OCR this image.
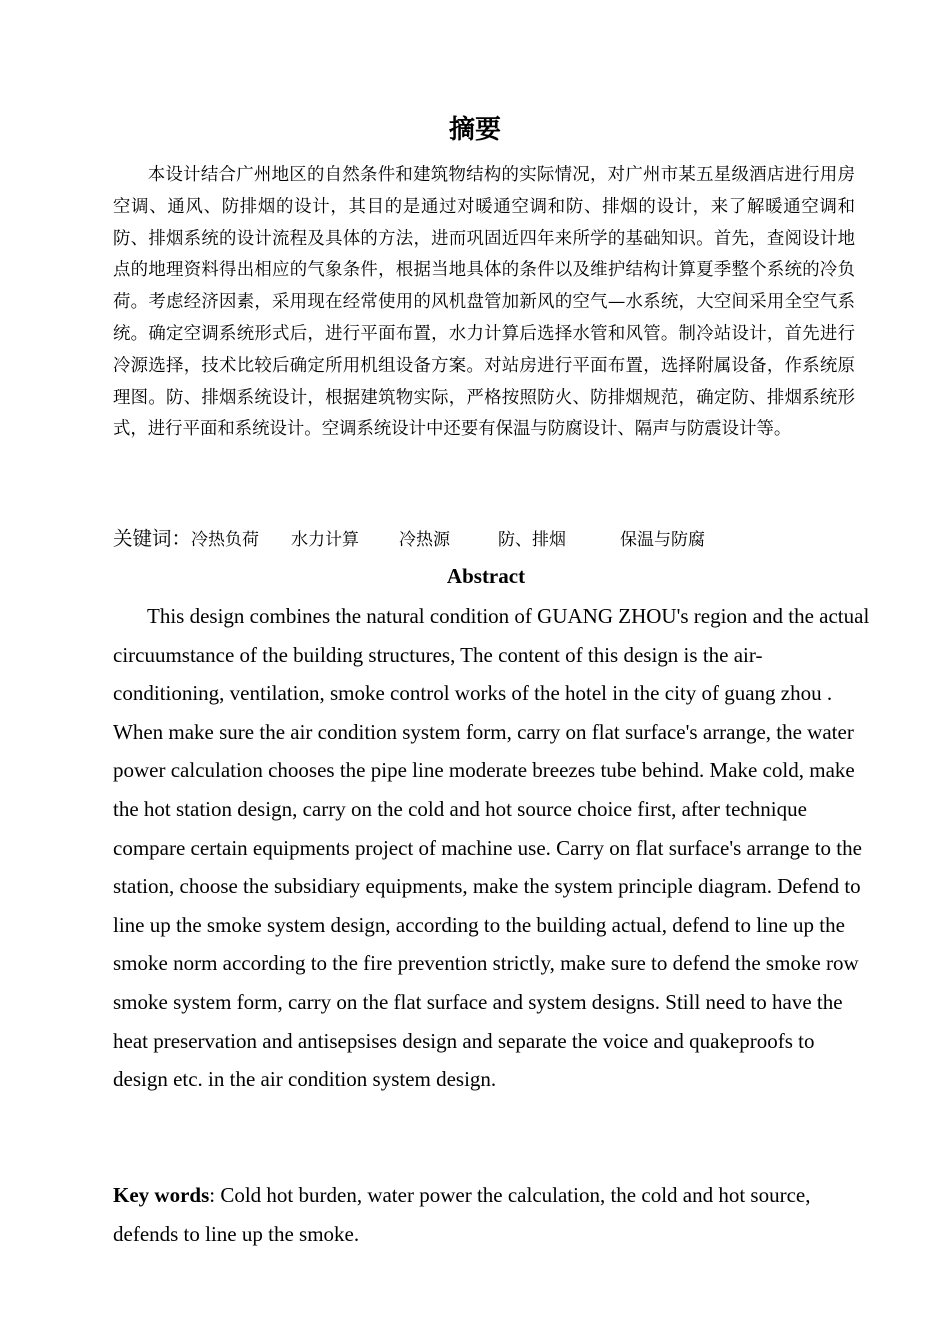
摘要

本设计结合广州地区的自然条件和建筑物结构的实际情况，对广州市某五星级酒店进行用房空调、通风、防排烟的设计，其目的是通过对暖通空调和防、排烟的设计，来了解暖通空调和防、排烟系统的设计流程及具体的方法，进而巩固近四年来所学的基础知识。首先，查阅设计地点的地理资料得出相应的气象条件，根据当地具体的条件以及维护结构计算夏季整个系统的冷负荷。考虑经济因素，采用现在经常使用的风机盘管加新风的空气—水系统，大空间采用全空气系统。确定空调系统形式后，进行平面布置，水力计算后选择水管和风管。制冷站设计，首先进行冷源选择，技术比较后确定所用机组设备方案。对站房进行平面布置，选择附属设备，作系统原理图。防、排烟系统设计，根据建筑物实际，严格按照防火、防排烟规范，确定防、排烟系统形式，进行平面和系统设计。空调系统设计中还要有保温与防腐设计、隔声与防震设计等。

关键词：冷热负荷 水力计算 冷热源	防、排烟	保温与防腐
Abstract

This design combines the natural condition of GUANG ZHOU's region and the actual circuumstance of the building structures, The content of this design is the air-conditioning, ventilation, smoke control works of the hotel in the city of guang zhou . When make sure the air condition system form, carry on flat surface's arrange, the water power calculation chooses the pipe line moderate breezes tube behind. Make cold, make the hot station design, carry on the cold and hot source choice first, after technique compare certain equipments project of machine use. Carry on flat surface's arrange to the station, choose the subsidiary equipments, make the system principle diagram. Defend to line up the smoke system design, according to the building actual, defend to line up the smoke norm according to the fire prevention strictly, make sure to defend the smoke row smoke system form, carry on the flat surface and system designs. Still need to have the heat preservation and antisepsises design and separate the voice and quakeproofs to design etc. in the air condition system design.

Key words: Cold hot burden, water power the calculation, the cold and hot source, defends to line up the smoke.
